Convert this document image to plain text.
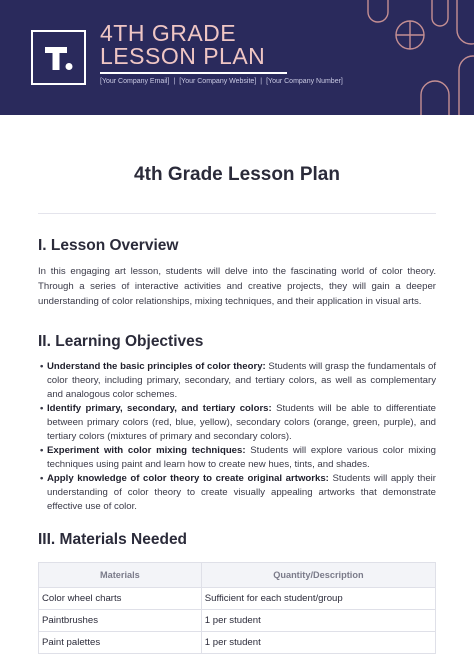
4TH GRADE
LESSON PLAN
[Your Company Email] | [Your Company Website] | [Your Company Number]
4th Grade Lesson Plan
I. Lesson Overview

In this engaging art lesson, students will delve into the fascinating world of color theory. Through a series of interactive activities and creative projects, they will gain a deeper understanding of color relationships, mixing techniques, and their application in visual arts.

II. Learning Objectives
• Understand the basic principles of color theory: Students will grasp the fundamentals of color theory, including primary, secondary, and tertiary colors, as well as complementary and analogous color schemes.
• Identify primary, secondary, and tertiary colors: Students will be able to differentiate between primary colors (red, blue, yellow), secondary colors (orange, green, purple), and tertiary colors (mixtures of primary and secondary colors).
• Experiment with color mixing techniques: Students will explore various color mixing techniques using paint and learn how to create new hues, tints, and shades.
• Apply knowledge of color theory to create original artworks: Students will apply their understanding of color theory to create visually appealing artworks that demonstrate effective use of color.
III. Materials Needed
Materials	Quantity/Description
Color wheel charts	Sufficient for each student/group
Paintbrushes	1 per student
Paint palettes	1 per student
